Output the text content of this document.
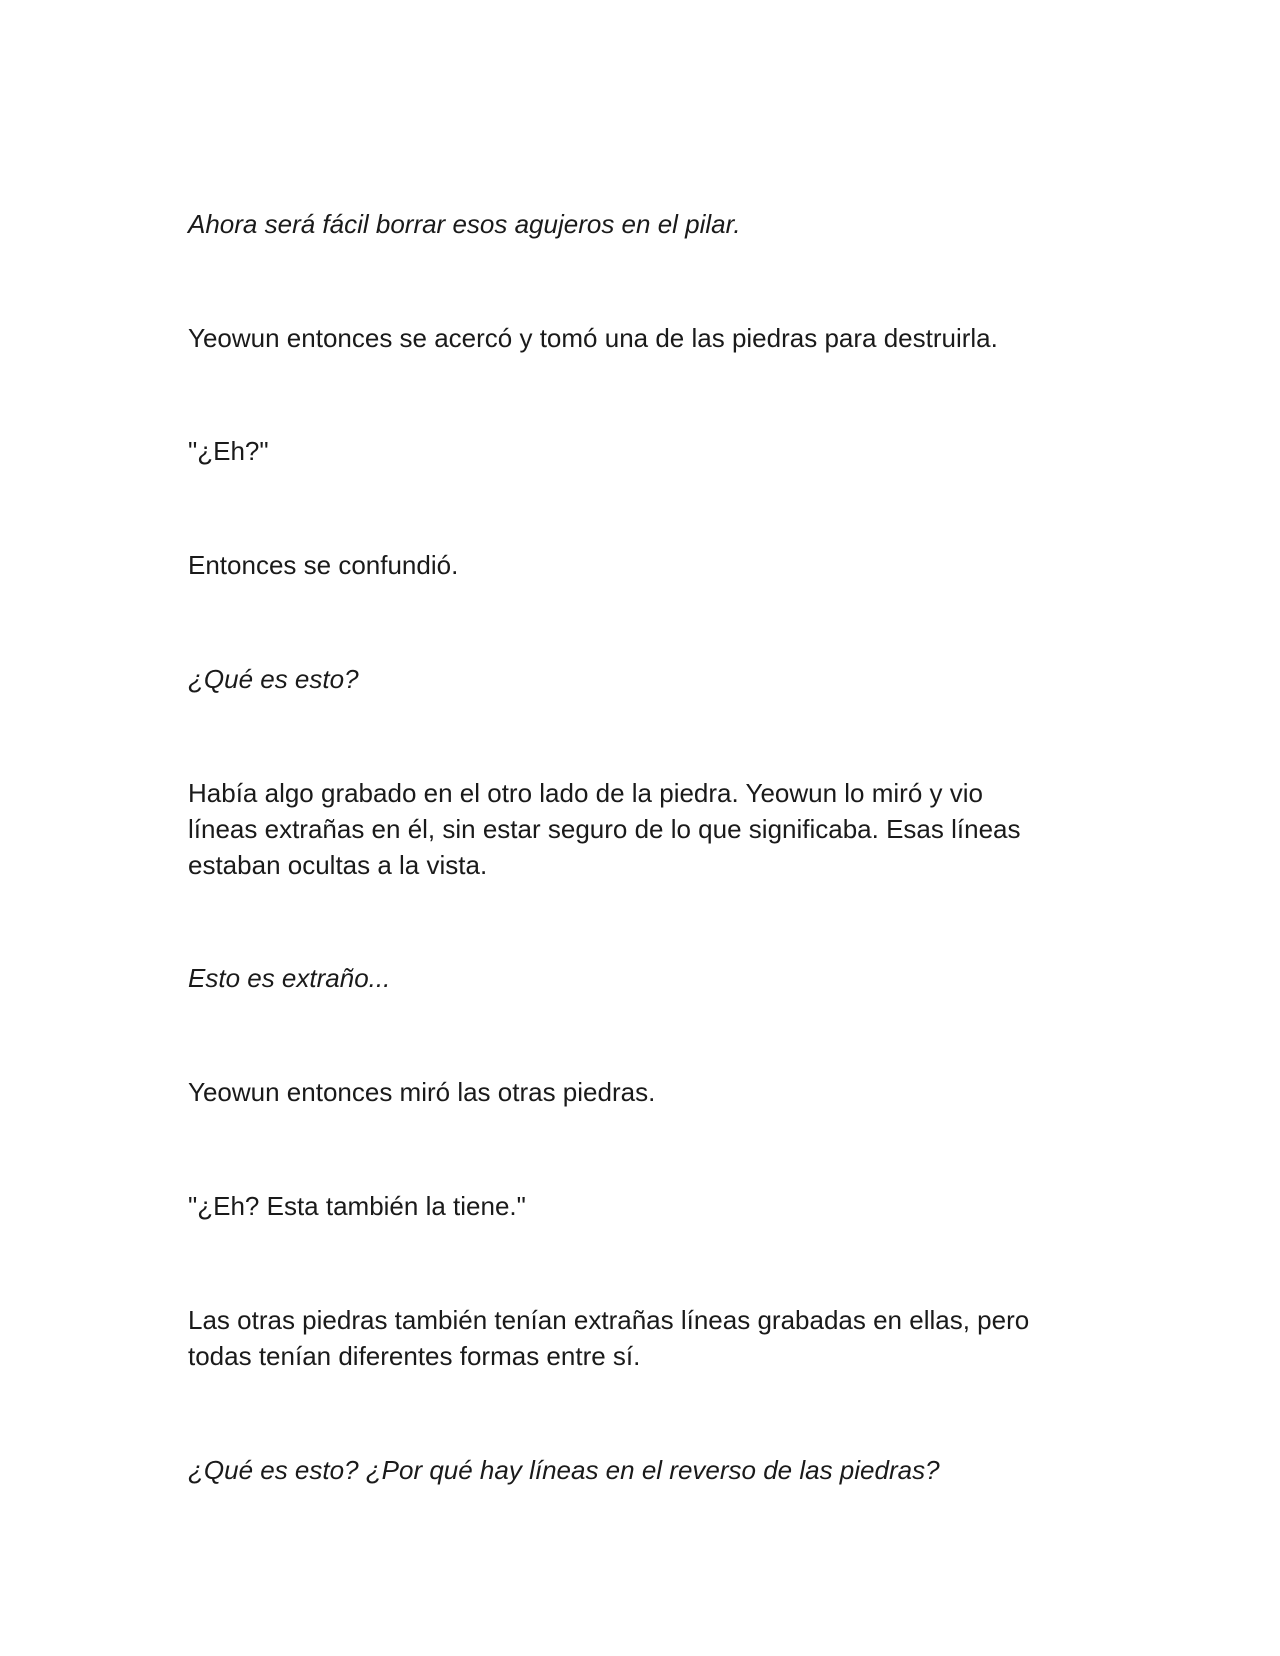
Ahora será fácil borrar esos agujeros en el pilar.

Yeowun entonces se acercó y tomó una de las piedras para destruirla.

"¿Eh?"

Entonces se confundió.

¿Qué es esto?

Había algo grabado en el otro lado de la piedra. Yeowun lo miró y vio
líneas extrañas en él, sin estar seguro de lo que significaba. Esas líneas
estaban ocultas a la vista.

Esto es extraño...

Yeowun entonces miró las otras piedras.

"¿Eh? Esta también la tiene."

Las otras piedras también tenían extrañas líneas grabadas en ellas, pero
todas tenían diferentes formas entre sí.

¿Qué es esto? ¿Por qué hay líneas en el reverso de las piedras?
